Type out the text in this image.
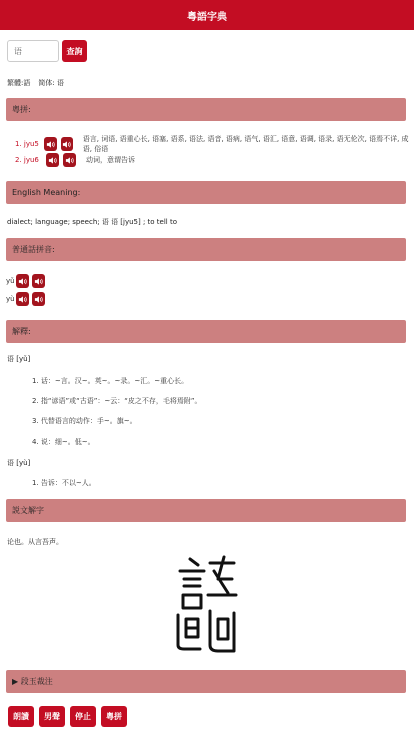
粤語字典
语	查詢
繁體:語 简体: 语
粵拼:
1. jyu5
语言, 词语, 语重心长, 语塞, 语系, 语法, 语音, 语病, 语气, 语汇, 语意, 语调, 语录, 语无伦次, 语焉不详, 成语, 俗语
2. jyu6	动词，意谓告诉
English Meaning:
dialect; language; speech; 语 语 [jyu5] ; to tell to
普通話拼音:
yǔ
yù
解釋:
语 [yǔ]
1. 话：~言。汉~。英~。~录。~汇。~重心长。
2. 指“谚语”或“古语”：~云：“皮之不存，毛将焉附”。
3. 代替语言的动作：手~。旗~。
4. 说：细~。低~。
语 [yù]
1. 告诉：不以~人。
説文解字
论也。从言吾声。
▶ 段玉裁注
朗讀	男聲	停止	粵拼
